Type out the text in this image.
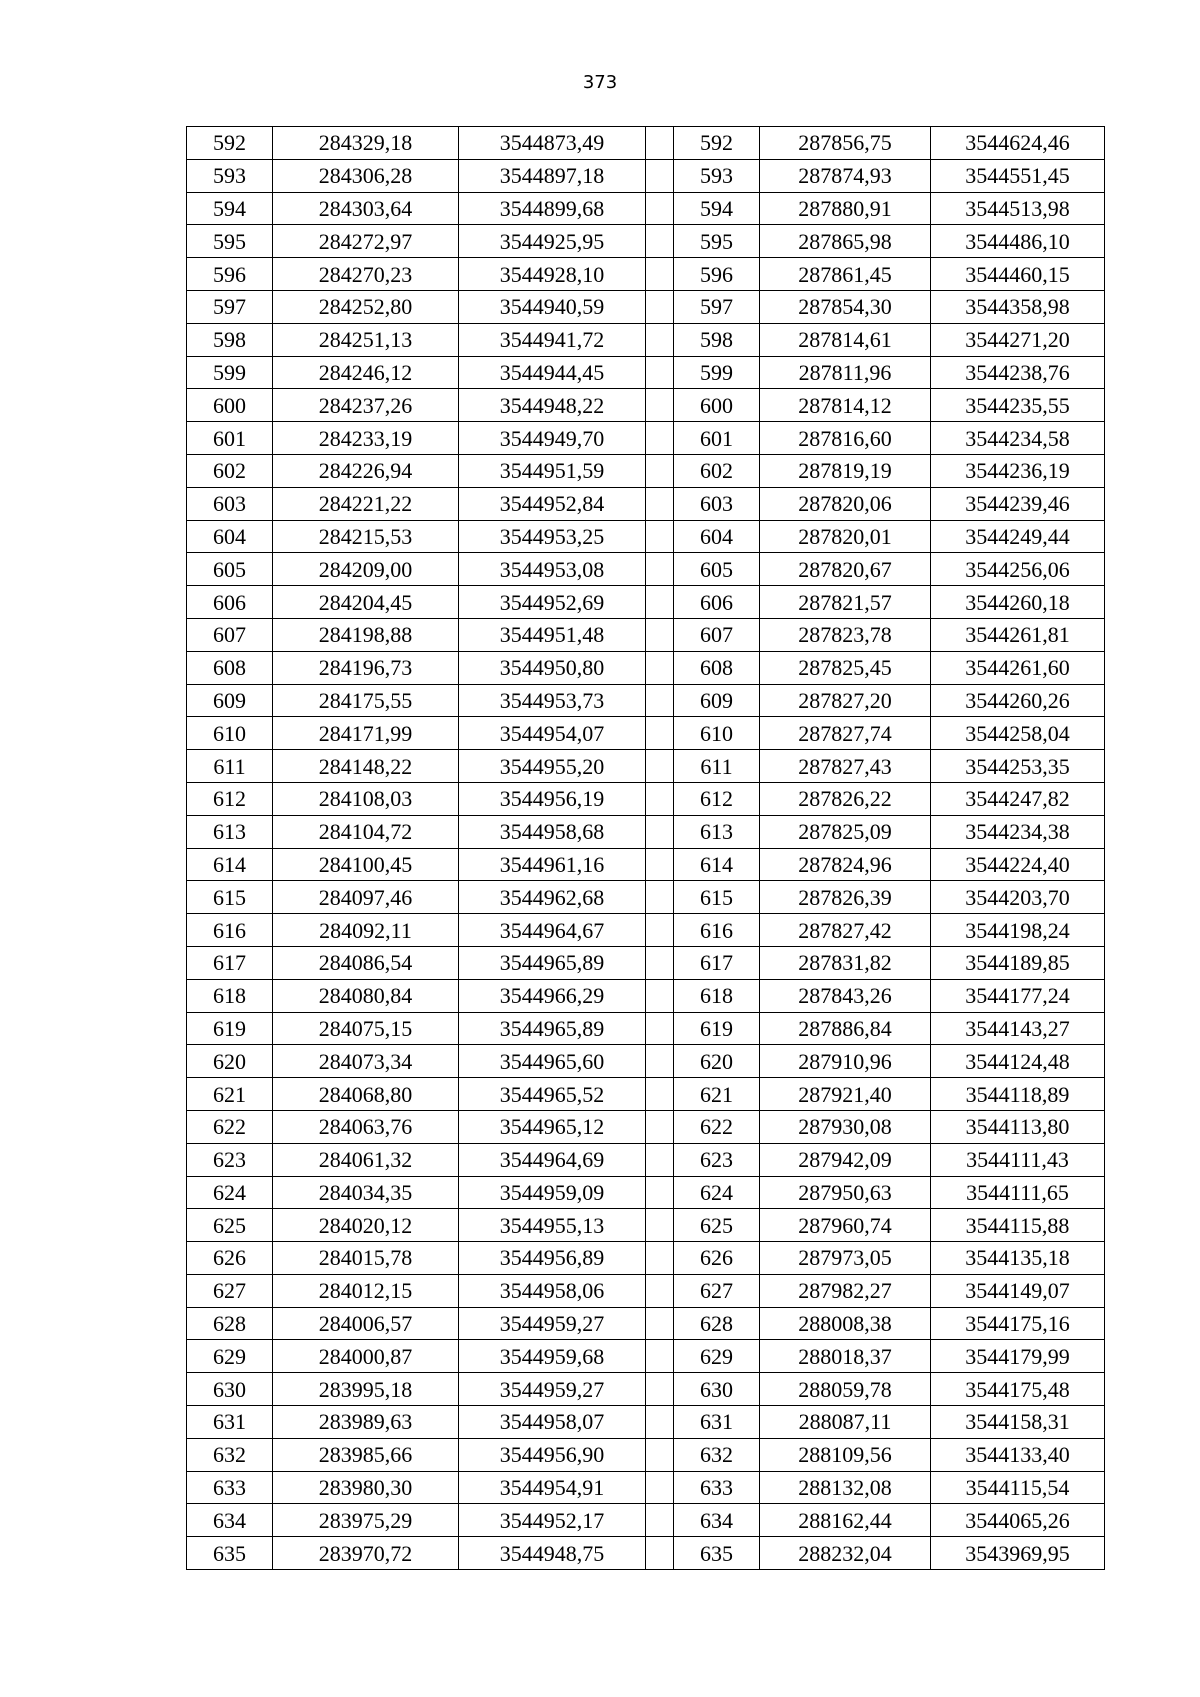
373
592	284329,18	3544873,49		592	287856,75	3544624,46
593	284306,28	3544897,18		593	287874,93	3544551,45
594	284303,64	3544899,68		594	287880,91	3544513,98
595	284272,97	3544925,95		595	287865,98	3544486,10
596	284270,23	3544928,10		596	287861,45	3544460,15
597	284252,80	3544940,59		597	287854,30	3544358,98
598	284251,13	3544941,72		598	287814,61	3544271,20
599	284246,12	3544944,45		599	287811,96	3544238,76
600	284237,26	3544948,22		600	287814,12	3544235,55
601	284233,19	3544949,70		601	287816,60	3544234,58
602	284226,94	3544951,59		602	287819,19	3544236,19
603	284221,22	3544952,84		603	287820,06	3544239,46
604	284215,53	3544953,25		604	287820,01	3544249,44
605	284209,00	3544953,08		605	287820,67	3544256,06
606	284204,45	3544952,69		606	287821,57	3544260,18
607	284198,88	3544951,48		607	287823,78	3544261,81
608	284196,73	3544950,80		608	287825,45	3544261,60
609	284175,55	3544953,73		609	287827,20	3544260,26
610	284171,99	3544954,07		610	287827,74	3544258,04
611	284148,22	3544955,20		611	287827,43	3544253,35
612	284108,03	3544956,19		612	287826,22	3544247,82
613	284104,72	3544958,68		613	287825,09	3544234,38
614	284100,45	3544961,16		614	287824,96	3544224,40
615	284097,46	3544962,68		615	287826,39	3544203,70
616	284092,11	3544964,67		616	287827,42	3544198,24
617	284086,54	3544965,89		617	287831,82	3544189,85
618	284080,84	3544966,29		618	287843,26	3544177,24
619	284075,15	3544965,89		619	287886,84	3544143,27
620	284073,34	3544965,60		620	287910,96	3544124,48
621	284068,80	3544965,52		621	287921,40	3544118,89
622	284063,76	3544965,12		622	287930,08	3544113,80
623	284061,32	3544964,69		623	287942,09	3544111,43
624	284034,35	3544959,09		624	287950,63	3544111,65
625	284020,12	3544955,13		625	287960,74	3544115,88
626	284015,78	3544956,89		626	287973,05	3544135,18
627	284012,15	3544958,06		627	287982,27	3544149,07
628	284006,57	3544959,27		628	288008,38	3544175,16
629	284000,87	3544959,68		629	288018,37	3544179,99
630	283995,18	3544959,27		630	288059,78	3544175,48
631	283989,63	3544958,07		631	288087,11	3544158,31
632	283985,66	3544956,90		632	288109,56	3544133,40
633	283980,30	3544954,91		633	288132,08	3544115,54
634	283975,29	3544952,17		634	288162,44	3544065,26
635	283970,72	3544948,75		635	288232,04	3543969,95
